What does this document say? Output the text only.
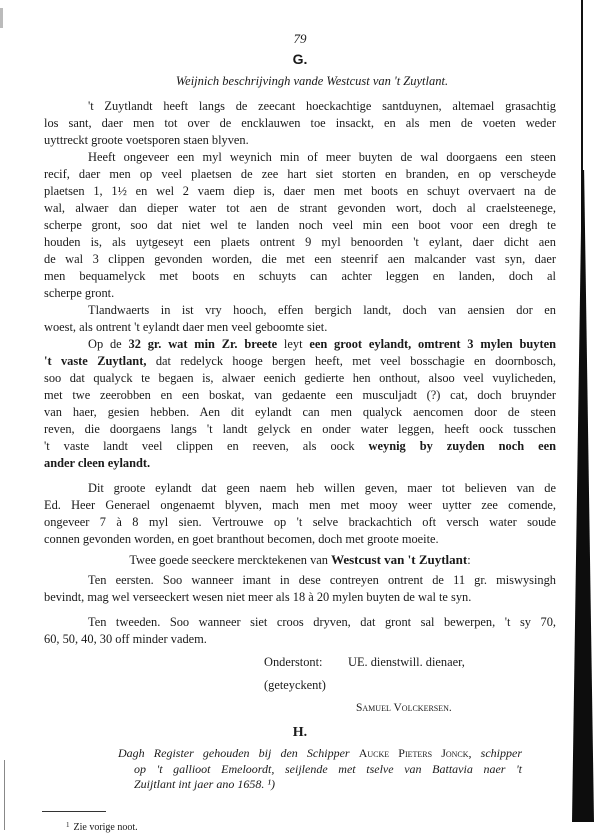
79
G.
Weijnich beschrijvingh vande Westcust van 't Zuytlant.
't Zuytlandt heeft langs de zeecant hoeckachtige santduynen, altemael grasachtig
los sant, daer men tot over de encklauwen toe insackt, en als men de voeten weder
uyttreckt groote voetsporen staen blyven.
Heeft ongeveer een myl weynich min of meer buyten de wal doorgaens een steen
recif, daer men op veel plaetsen de zee hart siet storten en branden, en op verscheyde
plaetsen 1, 1½ en wel 2 vaem diep is, daer men met boots en schuyt overvaert na de
wal, alwaer dan dieper water tot aen de strant gevonden wort, doch al craelsteenege,
scherpe gront, soo dat niet wel te landen noch veel min een boot voor een dregh te
houden is, als uytgeseyt een plaets ontrent 9 myl benoorden 't eylant, daer dicht aen
de wal 3 clippen gevonden worden, die met een steenrif aen malcander vast syn, daer
men bequamelyck met boots en schuyts can achter leggen en landen, doch al
scherpe gront.
Tlandwaerts in ist vry hooch, effen bergich landt, doch van aensien dor en
woest, als ontrent 't eylandt daer men veel geboomte siet.
Op de 32 gr. wat min Zr. breete leyt een groot eylandt, omtrent 3 mylen buyten
't vaste Zuytlant, dat redelyck hooge bergen heeft, met veel bosschagie en doornbosch,
soo dat qualyck te begaen is, alwaer eenich gedierte hen onthout, alsoo veel vuylicheden,
met twe zeerobben en een boskat, van gedaente een musculjadt (?) cat, doch bruynder
van haer, gesien hebben. Aen dit eylandt can men qualyck aencomen door de steen
reven, die doorgaens langs 't landt gelyck en onder water leggen, heeft oock tusschen
't vaste landt veel clippen en reeven, als oock weynig by zuyden noch een
ander cleen eylandt.
Dit groote eylandt dat geen naem heb willen geven, maer tot believen van de
Ed. Heer Generael ongenaemt blyven, mach men met mooy weer uytter zee comende,
ongeveer 7 à 8 myl sien. Vertrouwe op 't selve brackachtich oft versch water soude
connen gevonden worden, en goet branthout becomen, doch met groote moeite.
Twee goede seeckere mercktekenen van Westcust van 't Zuytlant:
Ten eersten. Soo wanneer imant in dese contreyen ontrent de 11 gr. miswysingh
bevindt, mag wel verseeckert wesen niet meer als 18 à 20 mylen buyten de wal te syn.
Ten tweeden. Soo wanneer siet croos dryven, dat gront sal bewerpen, 't sy 70,
60, 50, 40, 30 off minder vadem.
Onderstont: UE. dienstwill. dienaer,
(geteyckent)
Samuel Volckersen.
H.
Dagh Register gehouden bij den Schipper Aucke Pieters Jonck, schipper
op 't gallioot Emeloordt, seijlende met tselve van Battavia naer 't
Zuijtlant int jaer ano 1658. ¹)
$^1$ Zie vorige noot.
